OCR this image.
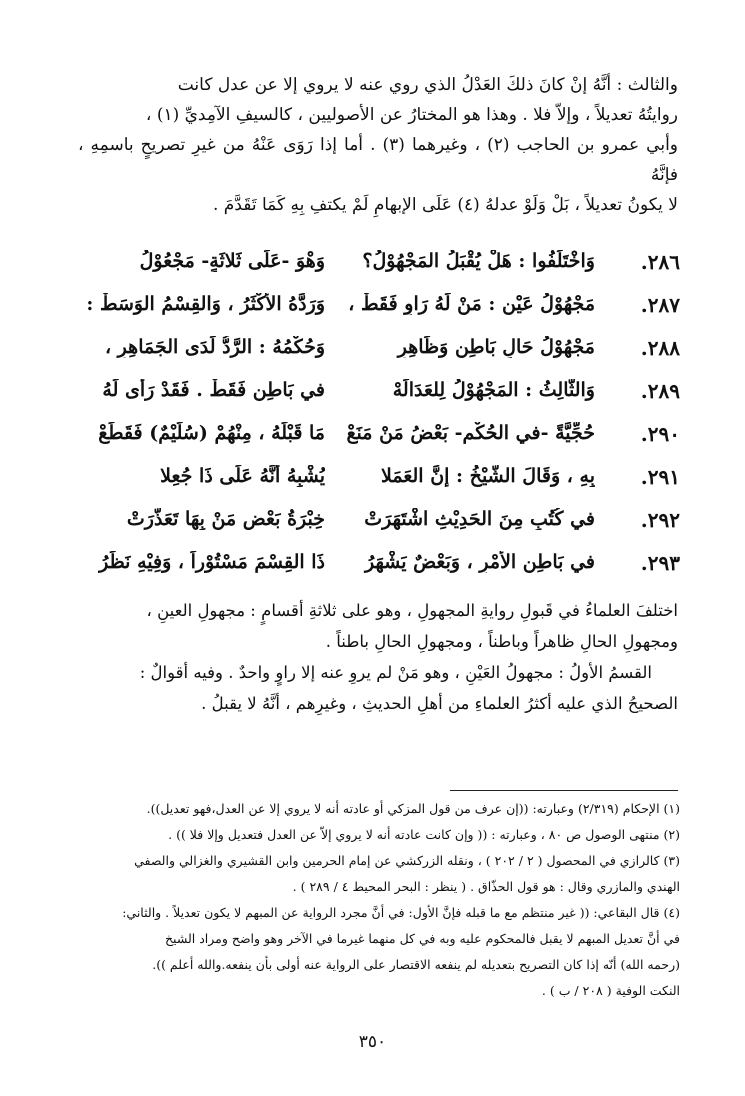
والثالث : أنَّهُ إنْ كانَ ذلكَ العَدْلُ الذي روي عنه لا يروي إلا عن عدل كانت

روايتُهُ تعديلاً ، وإلاّ فلا . وهذا هو المختارُ عن الأصوليين ، كالسيفِ الآمِديِّ (١) ،

وأبي عمرو بن الحاجب (٢) ، وغيرهما (٣) . أما إذا رَوَى عَنْهُ من غيرِ تصريحٍ باسمِهِ ، فإنَّهُ

لا يكونُ تعديلاً ، بَلْ وَلَوْ عدلهُ (٤) عَلَى الإبهامِ لَمْ يكتفِ بِهِ كَمَا تَقَدَّمَ .

٢٨٦.
وَاخْتَلَفُوا : هَلْ يُقْبَلُ المَجْهُوْلُ؟
وَهْوَ -عَلَى ثَلاثَةٍ- مَجْعُوْلُ
٢٨٧.
مَجْهُوْلُ عَيْنٍ : مَنْ لَهُ رَاوٍ فَقَطْ ،
وَرَدَّهُ الأكْثَرُ ، وَالقِسْمُ الوَسَطْ :
٢٨٨.
مَجْهُوْلُ حَالِ بَاطِنٍ وَظَاهِرِ
وَحُكْمُهُ : الرَّدُّ لَدَى الجَمَاهِرِ ،
٢٨٩.
وَالثَّالِثُ : المَجْهُوْلُ لِلعَدَالَهْ
في بَاطِنٍ فَقَطْ . فَقَدْ رَأى لَهُ
٢٩٠.
حُجِّيَّةً -في الحُكْمِ- بَعْضُ مَنْ مَنَعْ
مَا قَبْلَهُ ، مِنْهُمْ (سُلَيْمٌ) فَقَطَعْ
٢٩١.
بِهِ ، وَقَالَ الشَّيْخُ : إنَّ العَمَلا
يُشْبِهُ أنَّهُ عَلَى ذَا جُعِلا
٢٩٢.
في كُتُبٍ مِنَ الحَدِيْثِ اشْتَهَرَتْ
خِبْرَةُ بَعْضِ مَنْ بِهَا تَعَذَّرَتْ
٢٩٣.
في بَاطِنِ الأمْرِ ، وَبَعْضٌ يَشْهَرُ
ذَا القِسْمَ مَسْتُوْراً ، وَفِيْهِ نَظَرُ

اختلفَ العلماءُ في قَبولِ روايةِ المجهولِ ، وهو على ثلاثةِ أقسامٍ : مجهولِ العينِ ،

ومجهولِ الحالِ ظاهراً وباطناً ، ومجهولِ الحالِ باطناً .

القسمُ الأولُ : مجهولُ العَيْنِ ، وهو مَنْ لم يروِ عنه إلا راوٍ واحدٌ . وفيه أقوالٌ :

الصحيحُ الذي عليه أكثرُ العلماءِ من أهلِ الحديثِ ، وغيرِهم ، أنَّهُ لا يقبلُ .

(١) الإحكام (٢/٣١٩) وعبارته: ((إن عرف من قول المزكي أو عادته أنه لا يروي إلا عن العدل،فهو تعديل)).

(٢) منتهى الوصول ص ٨٠ ، وعبارته : (( وإن كانت عادته أنه لا يروي إلاّ عن العدل فتعديل وإلا فلا )) .

(٣) كالرازي في المحصول ( ٢ / ٢٠٢ ) ، ونقله الزركشي عن إمام الحرمين وابن القشيري والغزالي والصفي

الهندي والمازري وقال : هو قول الحذّاق . ( ينظر : البحر المحيط ٤ / ٢٨٩ ) .

(٤) قال البقاعي: (( غير منتظم مع ما قبله فإنَّ الأول: في أنَّ مجرد الرواية عن المبهم لا يكون تعديلاً . والثاني:

في أنَّ تعديل المبهم لا يقبل فالمحكوم عليه وبه في كل منهما غيرما في الآخر وهو واضح ومراد الشيخ

(رحمه الله) أنّه إذا كان التصريح بتعديله لم ينفعه الاقتصار على الرواية عنه أولى بأن ينفعه.والله أعلم )).

النكت الوفية ( ٢٠٨ / ب ) .

٣٥٠
